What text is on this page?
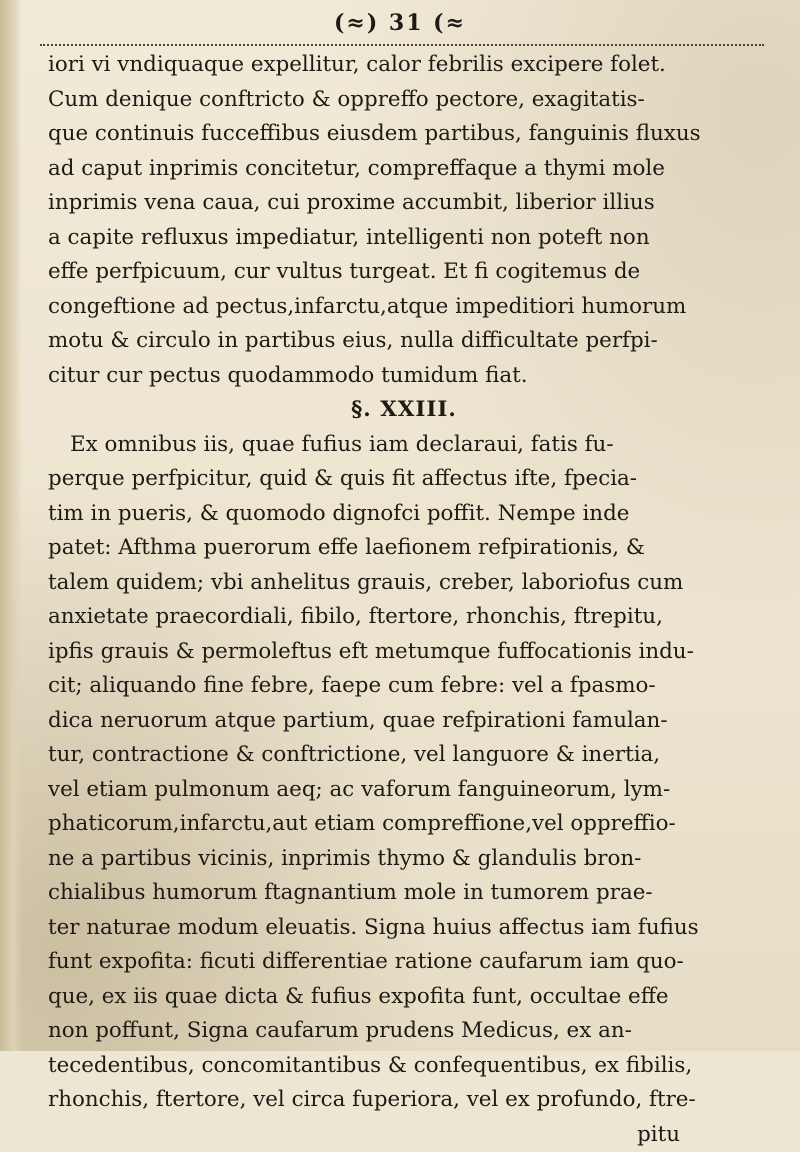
(≈) 31 (≈
iori vi vndiquaque expellitur, calor febrilis excipere folet.
Cum denique conftricto & oppreffo pectore, exagitatis-
que continuis fucceffibus eiusdem partibus, fanguinis fluxus
ad caput inprimis concitetur, compreffaque a thymi mole
inprimis vena caua, cui proxime accumbit, liberior illius
a capite refluxus impediatur, intelligenti non poteft non
effe perfpicuum, cur vultus turgeat. Et fi cogitemus de
congeftione ad pectus,infarctu,atque impeditiori humorum
motu & circulo in partibus eius, nulla difficultate perfpi-
citur cur pectus quodammodo tumidum fiat.
§. XXIII.
Ex omnibus iis, quae fufius iam declaraui, fatis fu-
perque perfpicitur, quid & quis fit affectus ifte, fpecia-
tim in pueris, & quomodo dignofci poffit. Nempe inde
patet: Afthma puerorum effe laefionem refpirationis, &
talem quidem; vbi anhelitus grauis, creber, laboriofus cum
anxietate praecordiali, fibilo, ftertore, rhonchis, ftrepitu,
ipfis grauis & permoleftus eft metumque fuffocationis indu-
cit; aliquando fine febre, faepe cum febre: vel a fpasmo-
dica neruorum atque partium, quae refpirationi famulan-
tur, contractione & conftrictione, vel languore & inertia,
vel etiam pulmonum aeq; ac vaforum fanguineorum, lym-
phaticorum,infarctu,aut etiam compreffione,vel oppreffio-
ne a partibus vicinis, inprimis thymo & glandulis bron-
chialibus humorum ftagnantium mole in tumorem prae-
ter naturae modum eleuatis. Signa huius affectus iam fufius
funt expofita: ficuti differentiae ratione caufarum iam quo-
que, ex iis quae dicta & fufius expofita funt, occultae effe
non poffunt, Signa caufarum prudens Medicus, ex an-
tecedentibus, concomitantibus & confequentibus, ex fibilis,
rhonchis, ftertore, vel circa fuperiora, vel ex profundo, ftre-
pitu
